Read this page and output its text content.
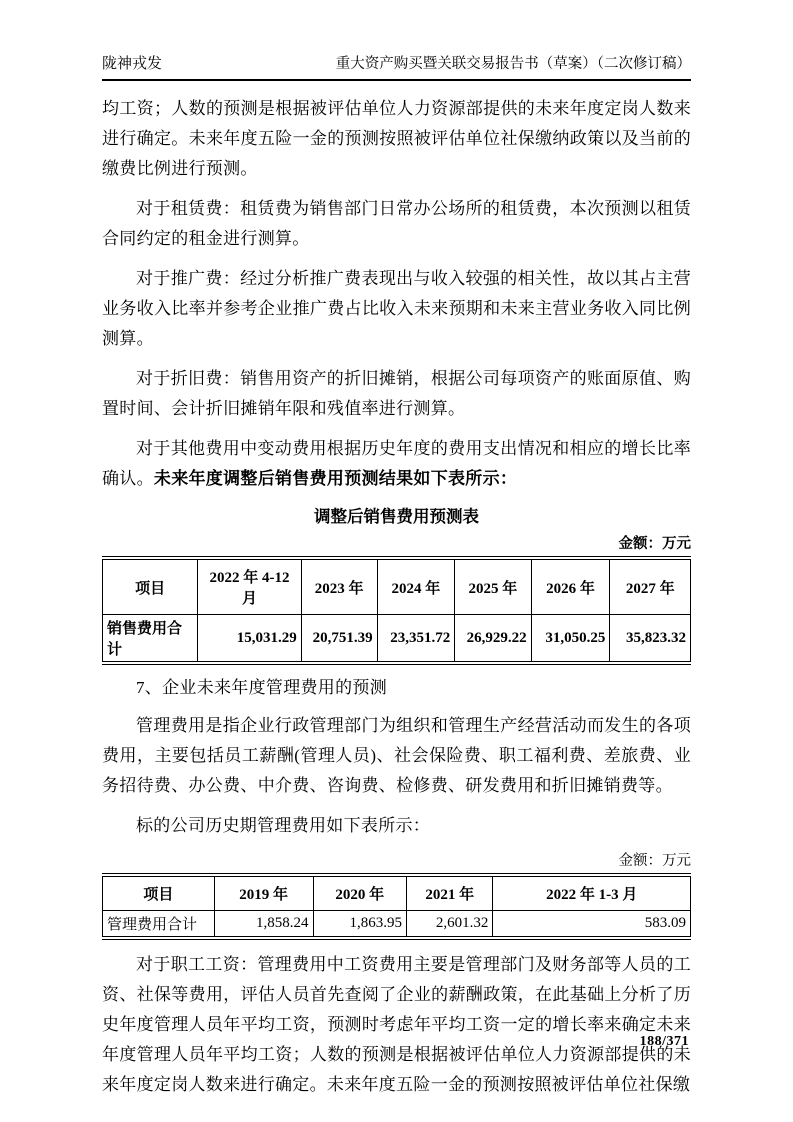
陇神戎发	重大资产购买暨关联交易报告书（草案）（二次修订稿）

均工资；人数的预测是根据被评估单位人力资源部提供的未来年度定岗人数来进行确定。未来年度五险一金的预测按照被评估单位社保缴纳政策以及当前的缴费比例进行预测。

对于租赁费：租赁费为销售部门日常办公场所的租赁费，本次预测以租赁合同约定的租金进行测算。

对于推广费：经过分析推广费表现出与收入较强的相关性，故以其占主营业务收入比率并参考企业推广费占比收入未来预期和未来主营业务收入同比例测算。

对于折旧费：销售用资产的折旧摊销，根据公司每项资产的账面原值、购置时间、会计折旧摊销年限和残值率进行测算。

对于其他费用中变动费用根据历史年度的费用支出情况和相应的增长比率确认。未来年度调整后销售费用预测结果如下表所示：

调整后销售费用预测表
金额：万元
项目	2022 年 4-12 月	2023 年	2024 年	2025 年	2026 年	2027 年
销售费用合计	15,031.29	20,751.39	23,351.72	26,929.22	31,050.25	35,823.32
7、企业未来年度管理费用的预测

管理费用是指企业行政管理部门为组织和管理生产经营活动而发生的各项费用，主要包括员工薪酬(管理人员)、社会保险费、职工福利费、差旅费、业务招待费、办公费、中介费、咨询费、检修费、研发费用和折旧摊销费等。

标的公司历史期管理费用如下表所示：

金额：万元
项目	2019 年	2020 年	2021 年	2022 年 1-3 月
管理费用合计	1,858.24	1,863.95	2,601.32	583.09

对于职工工资：管理费用中工资费用主要是管理部门及财务部等人员的工资、社保等费用，评估人员首先查阅了企业的薪酬政策，在此基础上分析了历史年度管理人员年平均工资，预测时考虑年平均工资一定的增长率来确定未来年度管理人员年平均工资；人数的预测是根据被评估单位人力资源部提供的未来年度定岗人数来进行确定。未来年度五险一金的预测按照被评估单位社保缴

188/371
